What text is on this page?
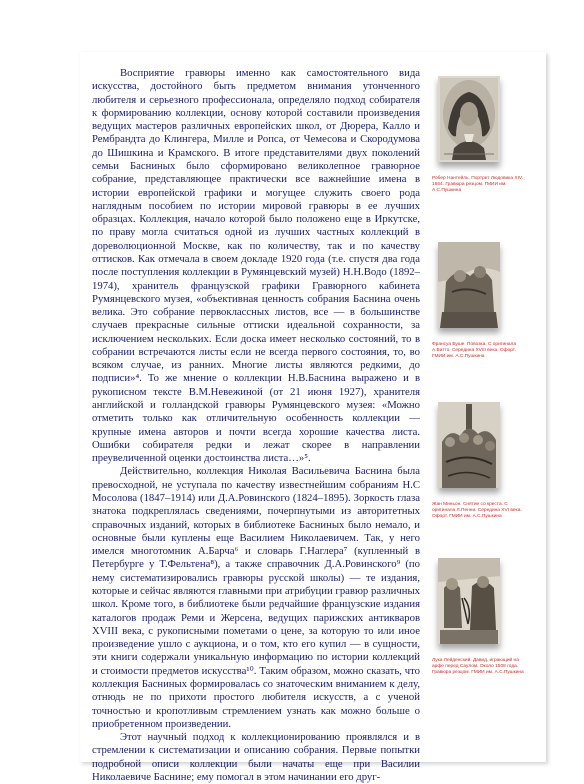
Восприятие гравюры именно как самостоятельного вида искусства, достойного быть предметом внимания утонченного любителя и серьезного профессионала, определяло подход собирателя к формированию коллекции, основу которой составили произведения ведущих мастеров различных европейских школ, от Дюрера, Калло и Рембрандта до Клингера, Милле и Ропса, от Чемесова и Скородумова до Шишкина и Крамского. В итоге представителями двух поколений семьи Басниных было сформировано великолепное гравюрное собрание, представляющее практически все важнейшие имена в истории европейской графики и могущее служить своего рода наглядным пособием по истории мировой гравюры в ее лучших образцах. Коллекция, начало которой было положено еще в Иркутске, по праву могла считаться одной из лучших частных коллекций в дореволюционной Москве, как по количеству, так и по качеству оттисков. Как отмечала в своем докладе 1920 года (т.е. спустя два года после поступления коллекции в Румянцевский музей) Н.Н.Водо (1892–1974), хранитель французской графики Гравюрного кабинета Румянцевского музея, «объективная ценность собрания Баснина очень велика. Это собрание первоклассных листов, все — в большинстве случаев прекрасные сильные оттиски идеальной сохранности, за исключением нескольких. Если доска имеет несколько состояний, то в собрании встречаются листы если не всегда первого состояния, то, во всяком случае, из ранних. Многие листы являются редкими, до подписи»⁴. То же мнение о коллекции Н.В.Баснина выражено и в рукописном тексте В.М.Невежиной (от 21 июня 1927), хранителя английской и голландской гравюры Румянцевского музея: «Можно отметить только как отличительную особенность коллекции — крупные имена авторов и почти всегда хорошие качества листа. Ошибки собирателя редки и лежат скорее в направлении преувеличенной оценки достоинства листа…»⁵.

Действительно, коллекция Николая Васильевича Баснина была превосходной, не уступала по качеству известнейшим собраниям Н.С Мосолова (1847–1914) или Д.А.Ровинского (1824–1895). Зоркость глаза знатока подкреплялась сведениями, почерпнутыми из авторитетных справочных изданий, которых в библиотеке Басниных было немало, и основные были куплены еще Василием Николаевичем. Так, у него имелся многотомник А.Барча⁶ и словарь Г.Наглера⁷ (купленный в Петербурге у Т.Фельтена⁸), а также справочник Д.А.Ровинского⁹ (по нему систематизировались гравюры русской школы) — те издания, которые и сейчас являются главными при атрибуции гравюр различных школ. Кроме того, в библиотеке были редчайшие французские издания каталогов продаж Реми и Жерсена, ведущих парижских антикваров XVIII века, с рукописными пометами о цене, за которую то или иное произведение ушло с аукциона, и о том, кто его купил — в сущности, эти книги содержали уникальную информацию по истории коллекций и стоимости предметов искусства¹⁰. Таким образом, можно сказать, что коллекция Басниных формировалась со знаточеским вниманием к делу, отнюдь не по прихоти простого любителя искусств, а с ученой точностью и кропотливым стремлением узнать как можно больше о приобретенном произведении.

Этот научный подход к коллекционированию проявлялся и в стремлении к систематизации и описанию собрания. Первые попытки подробной описи коллекции были начаты еще при Василии Николаевиче Баснине; ему помогал в этом начинании его друг-

Робер Нантейль. Портрет Людовика XIV. 1664. Гравюра резцом. ГМИИ им. А.С.Пушкина
Франсуа Буше. Повозка. С оригинала А.Ватто. Середина XVIII века. Офорт. ГМИИ им. А.С.Пушкина
Жан Миньон. Снятие со креста. С оригинала Л.Пенни. Середина XVI века. Офорт. ГМИИ им. А.С.Пушкина
Лука Лейденский. Давид, играющий на арфе перед Саулом. Около 1508 года. Гравюра резцом. ГМИИ им. А.С.Пушкина
